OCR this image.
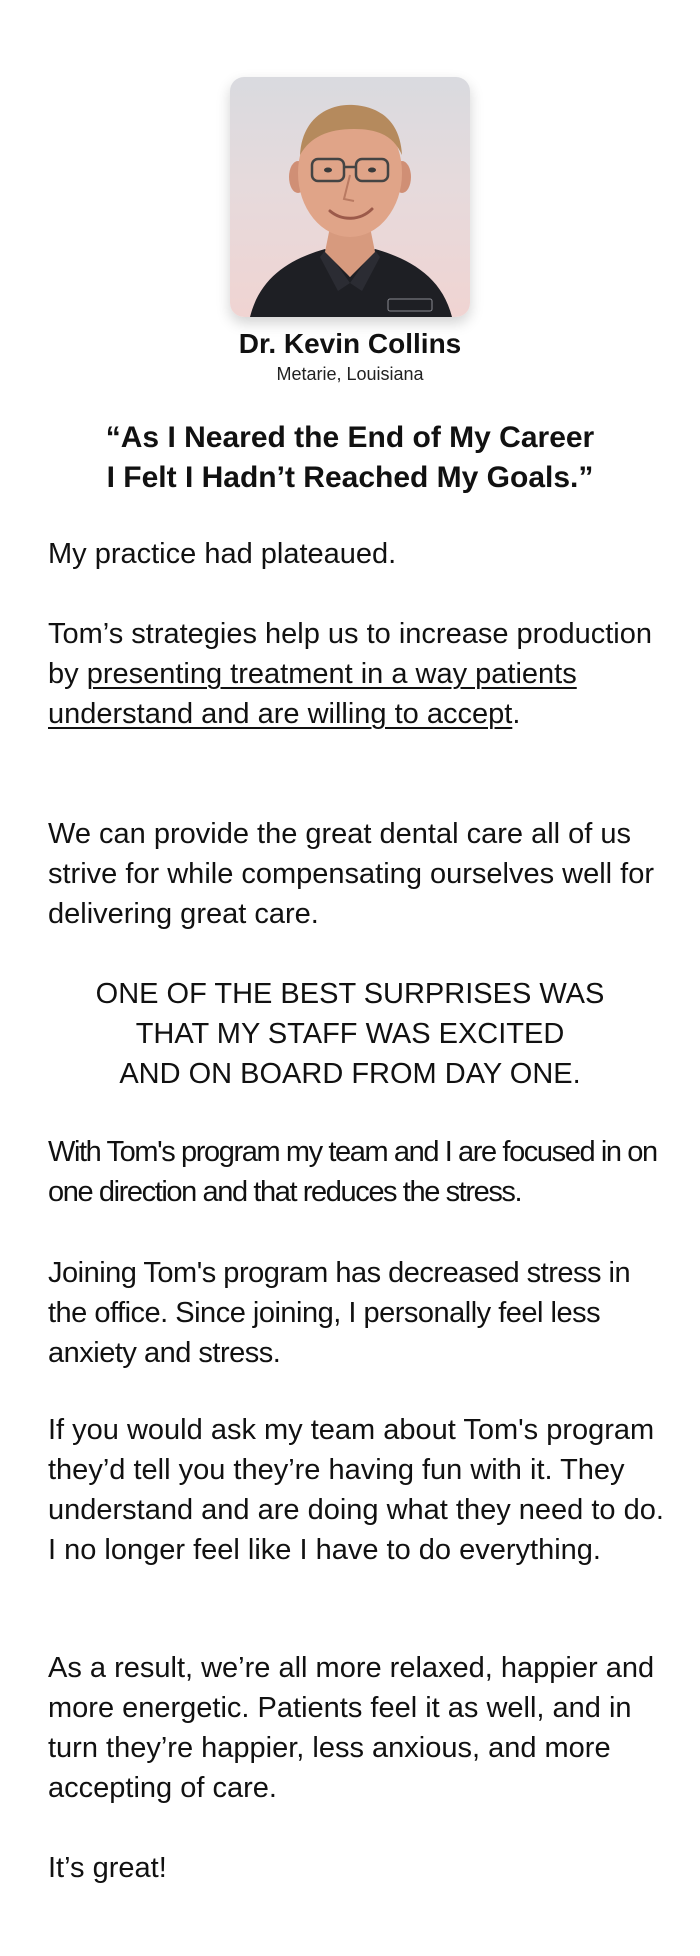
Dr. Kevin Collins
Metarie, Louisiana
“As I Neared the End of My Career
I Felt I Hadn’t Reached My Goals.”

My practice had plateaued.

Tom’s strategies help us to increase production by presenting treatment in a way patients understand and are willing to accept.

We can provide the great dental care all of us strive for while compensating ourselves well for delivering great care.

ONE OF THE BEST SURPRISES WAS
THAT MY STAFF WAS EXCITED
AND ON BOARD FROM DAY ONE.

With Tom's program my team and I are focused in on one direction and that reduces the stress.

Joining Tom's program has decreased stress in the office. Since joining, I personally feel less anxiety and stress.

If you would ask my team about Tom's program they’d tell you they’re having fun with it. They understand and are doing what they need to do. I no longer feel like I have to do everything.

As a result, we’re all more relaxed, happier and more energetic. Patients feel it as well, and in turn they’re happier, less anxious, and more accepting of care.

It’s great!
